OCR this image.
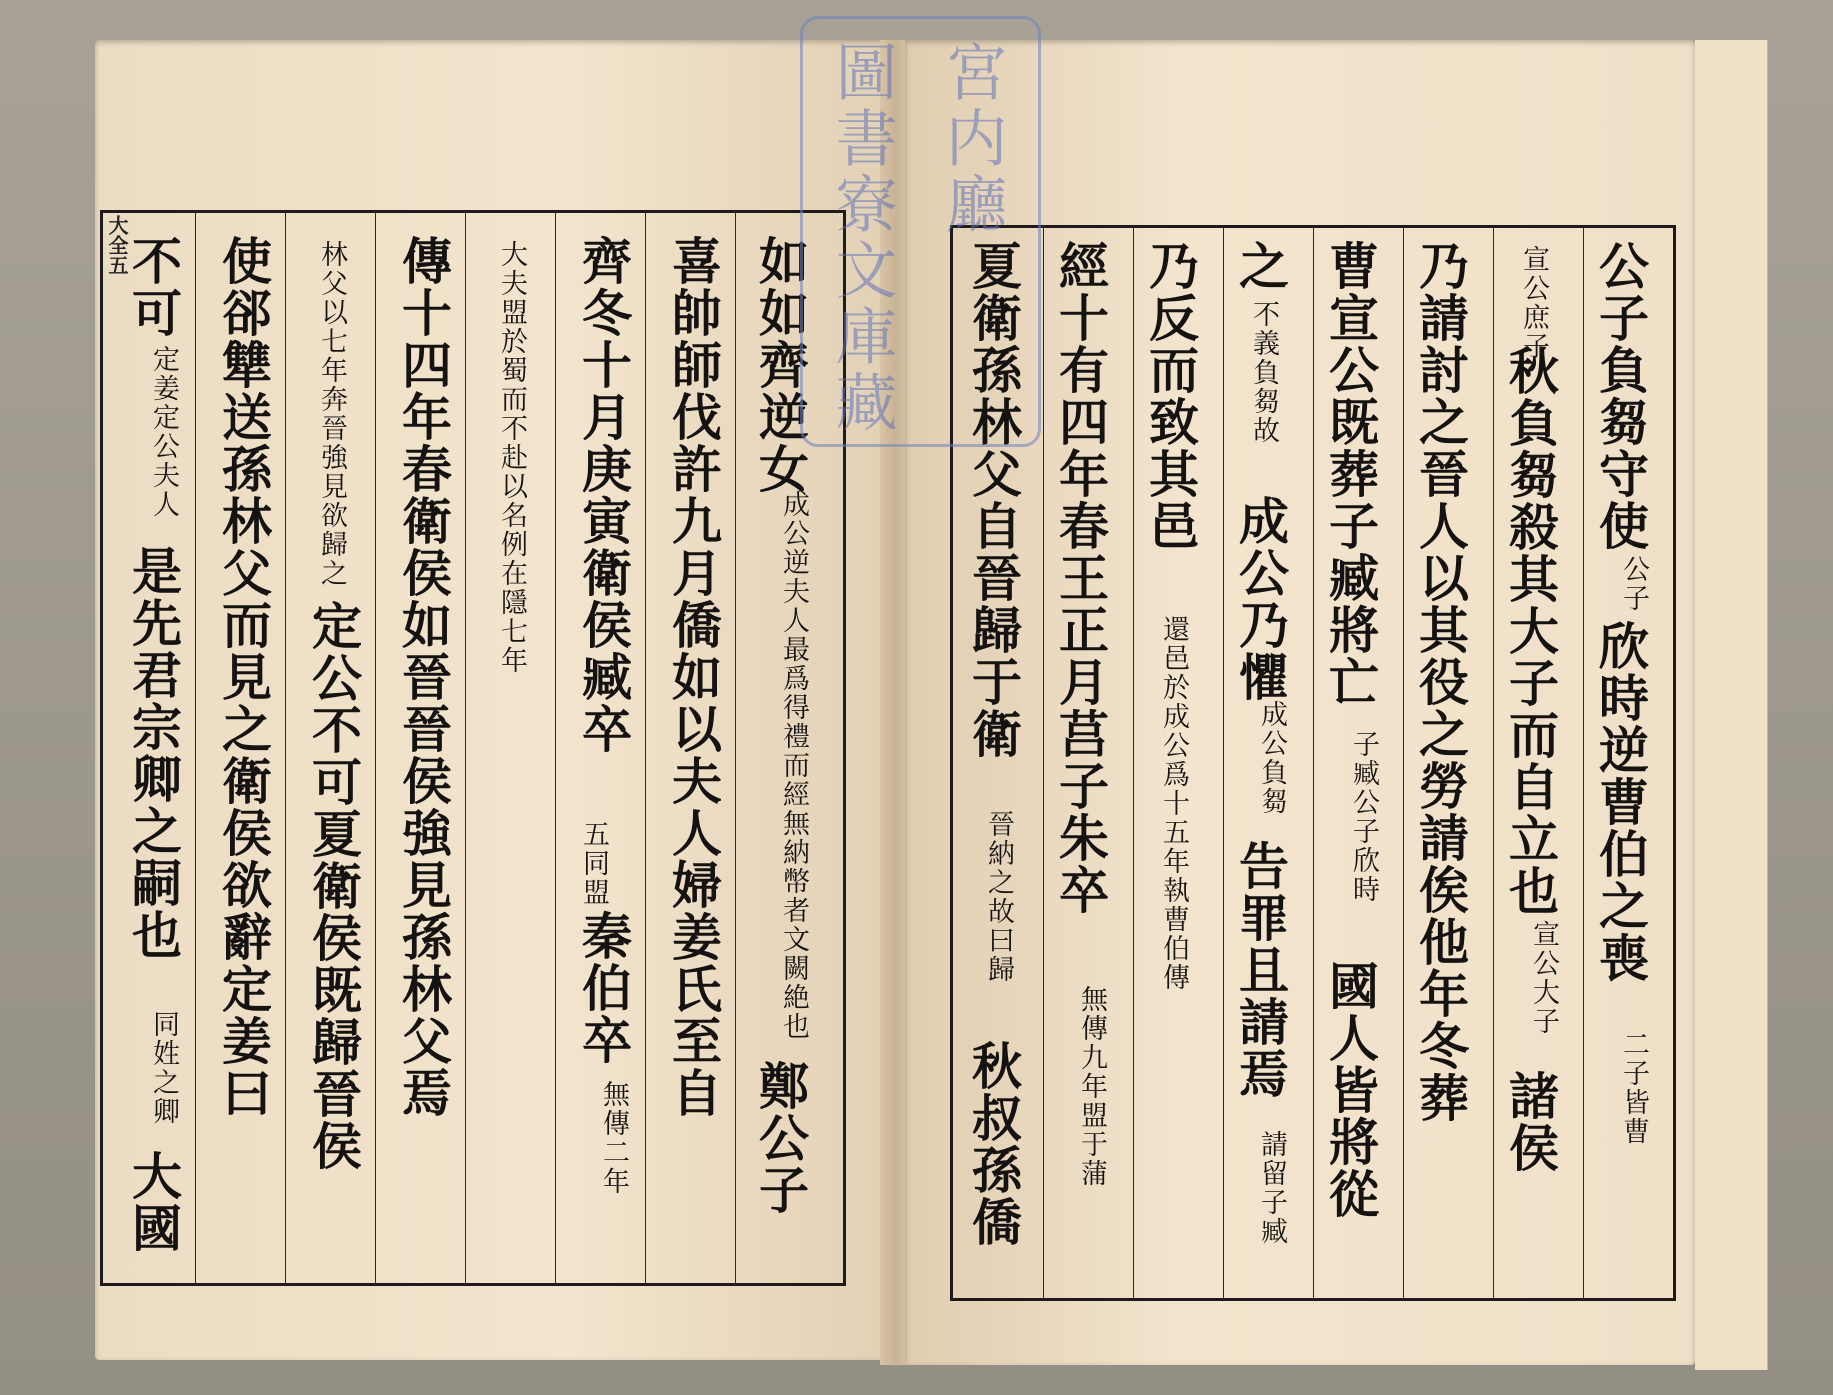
如如齊逆女
成公逆夫人最爲得禮而經無納幣者文闕絶也
鄭公子
喜帥師伐許九月僑如以夫人婦姜氏至自
齊冬十月庚寅衛侯臧卒
五同盟
秦伯卒
無傳二年
大夫盟於蜀而不赴以名例在隱七年
傳十四年春衛侯如晉晉侯強見孫林父焉
林父以七年奔晉強見欲歸之
定公不可夏衛侯既歸晉侯
使郤犨送孫林父而見之衛侯欲辭定姜曰
不可
定姜定公夫人
是先君宗卿之嗣也
同姓之卿
大國
大全五	公子負芻守使
公子
欣時逆曹伯之喪
二子皆曹
宣公庶子
秋負芻殺其大子而自立也
宣公大子
諸侯
乃請討之晉人以其役之勞請俟他年冬葬
曹宣公既葬子臧將亡
子臧公子欣時
國人皆將從
之
不義負芻故
成公乃懼
成公負芻
告罪且請焉
請留子臧
乃反而致其邑
還邑於成公爲十五年執曹伯傳
經十有四年春王正月莒子朱卒
無傳九年盟于蒲
夏衛孫林父自晉歸于衛
晉納之故曰歸
秋叔孫僑
宮内廳
圖書寮文庫藏
